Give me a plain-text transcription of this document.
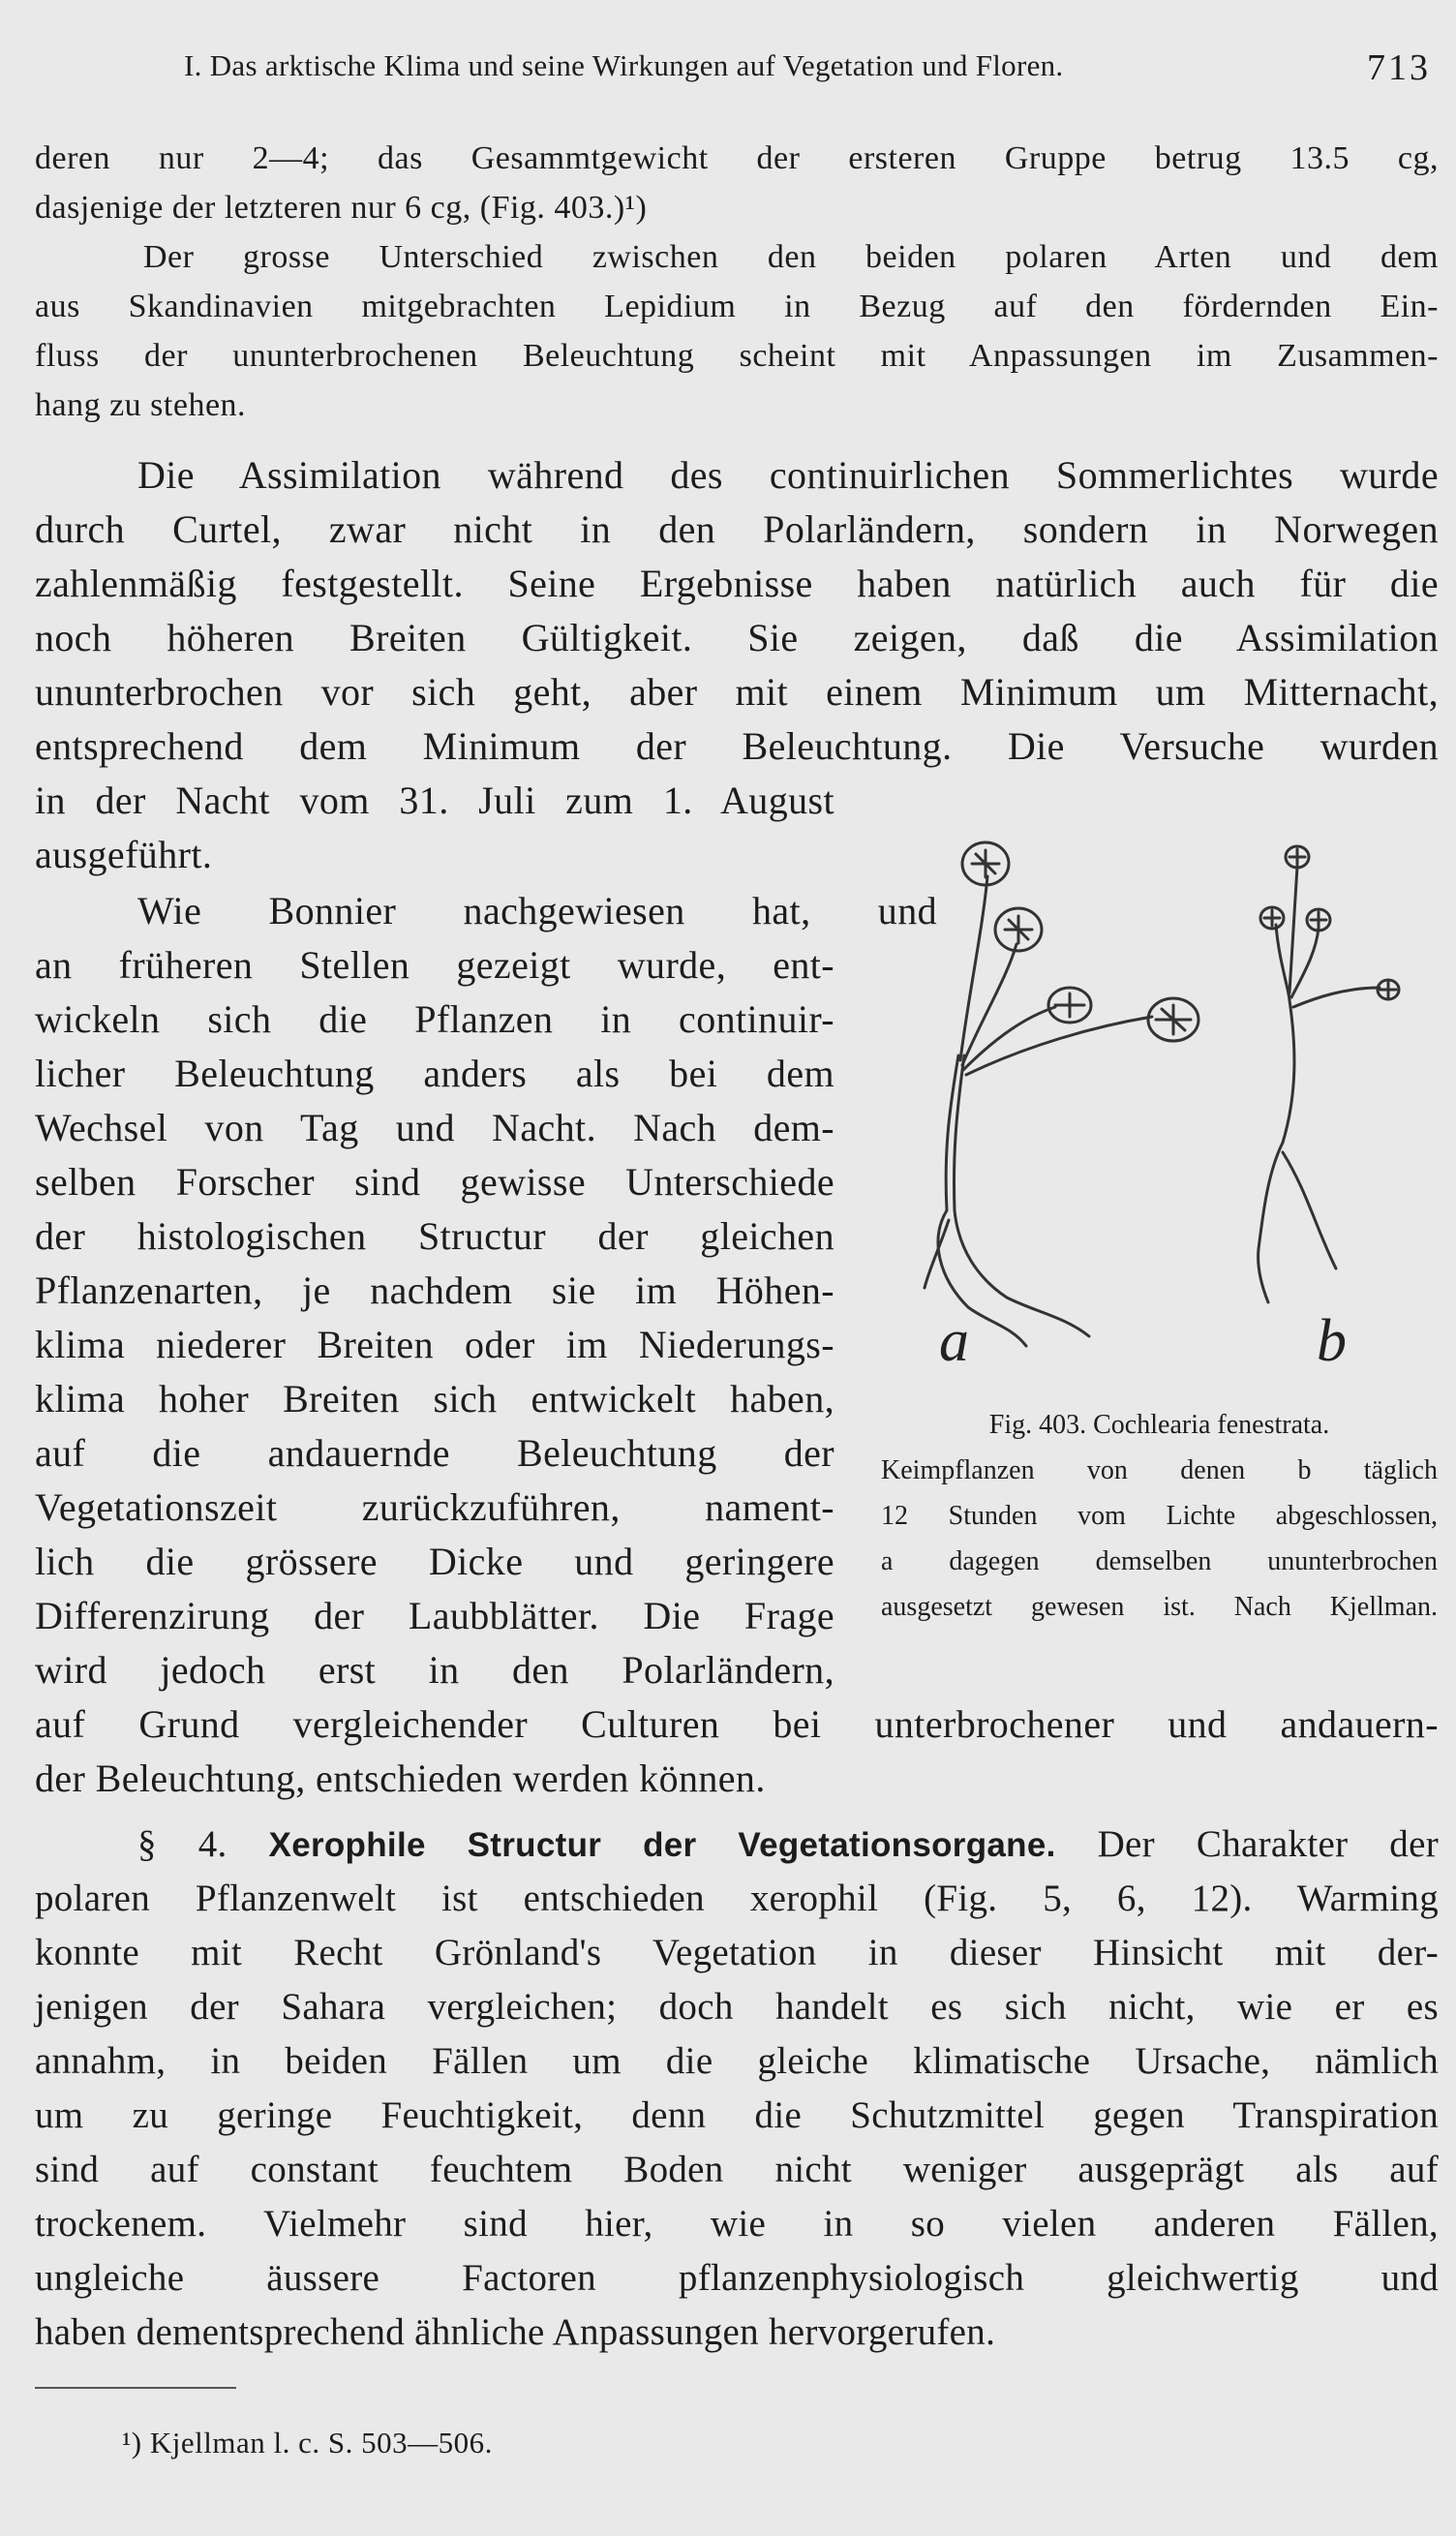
I. Das arktische Klima und seine Wirkungen auf Vegetation und Floren.	713
deren nur 2—4; das Gesammtgewicht der ersteren Gruppe betrug 13.5 cg,
dasjenige der letzteren nur 6 cg, (Fig. 403.)¹)
Der grosse Unterschied zwischen den beiden polaren Arten und dem
aus Skandinavien mitgebrachten Lepidium in Bezug auf den fördernden Ein-
fluss der ununterbrochenen Beleuchtung scheint mit Anpassungen im Zusammen-
hang zu stehen.
Die Assimilation während des continuirlichen Sommerlichtes wurde
durch Curtel, zwar nicht in den Polarländern, sondern in Norwegen
zahlenmäßig festgestellt. Seine Ergebnisse haben natürlich auch für die
noch höheren Breiten Gültigkeit. Sie zeigen, daß die Assimilation
ununterbrochen vor sich geht, aber mit einem Minimum um Mitternacht,
entsprechend dem Minimum der Beleuchtung. Die Versuche wurden
in der Nacht vom 31. Juli zum 1. August
ausgeführt.
Wie Bonnier nachgewiesen hat, und
an früheren Stellen gezeigt wurde, ent-
wickeln sich die Pflanzen in continuir-
licher Beleuchtung anders als bei dem
Wechsel von Tag und Nacht. Nach dem-
selben Forscher sind gewisse Unterschiede
der histologischen Structur der gleichen
Pflanzenarten, je nachdem sie im Höhen-
klima niederer Breiten oder im Niederungs-
klima hoher Breiten sich entwickelt haben,
auf die andauernde Beleuchtung der
Vegetationszeit zurückzuführen, nament-
lich die grössere Dicke und geringere
Differenzirung der Laubblätter. Die Frage
wird jedoch erst in den Polarländern,
auf Grund vergleichender Culturen bei unterbrochener und andauern-
der Beleuchtung, entschieden werden können.
a	b
Fig. 403. Cochlearia fenestrata.
Keimpflanzen von denen b täglich
12 Stunden vom Lichte abgeschlossen,
a dagegen demselben ununterbrochen
ausgesetzt gewesen ist. Nach Kjellman.
§ 4. Xerophile Structur der Vegetationsorgane. Der Charakter der
polaren Pflanzenwelt ist entschieden xerophil (Fig. 5, 6, 12). Warming
konnte mit Recht Grönland's Vegetation in dieser Hinsicht mit der-
jenigen der Sahara vergleichen; doch handelt es sich nicht, wie er es
annahm, in beiden Fällen um die gleiche klimatische Ursache, nämlich
um zu geringe Feuchtigkeit, denn die Schutzmittel gegen Transpiration
sind auf constant feuchtem Boden nicht weniger ausgeprägt als auf
trockenem. Vielmehr sind hier, wie in so vielen anderen Fällen,
ungleiche äussere Factoren pflanzenphysiologisch gleichwertig und
haben dementsprechend ähnliche Anpassungen hervorgerufen.
¹) Kjellman l. c. S. 503—506.
